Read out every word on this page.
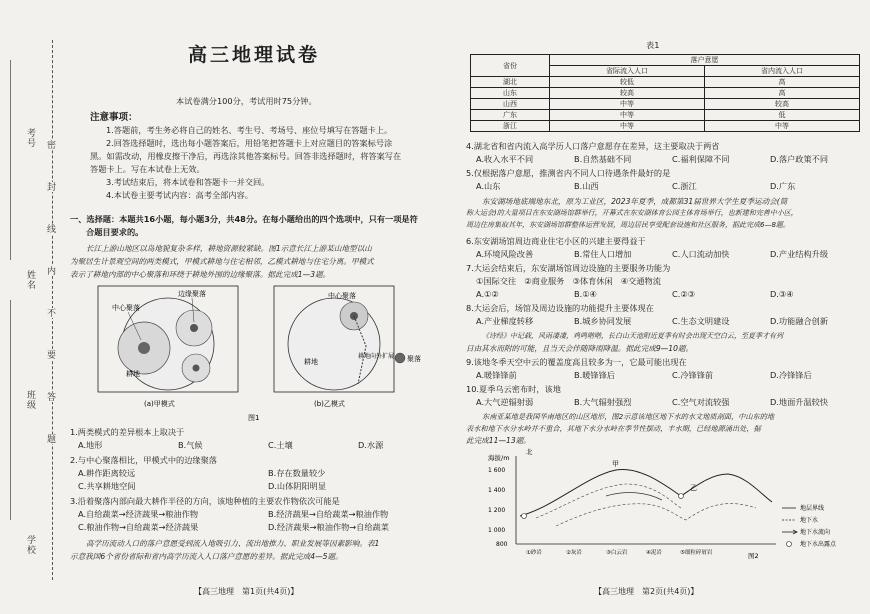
考号
姓名
班级
学校
密
封
线
内
不
要
答
题
高三地理试卷
本试卷满分100分，考试用时75分钟。
注意事项：
1.答题前，考生务必将自己的姓名、考生号、考场号、座位号填写在答题卡上。
2.回答选择题时，选出每小题答案后，用铅笔把答题卡上对应题目的答案标号涂
黑。如需改动，用橡皮擦干净后，再选涂其他答案标号。回答非选择题时，将答案写在
答题卡上。写在本试卷上无效。
3.考试结束后，将本试卷和答题卡一并交回。
4.本试卷主要考试内容：高考全部内容。
一、选择题：本题共16小题，每小题3分，共48分。在每小题给出的四个选项中，只有一项是符
合题目要求的。
长江上游山地区以岛地貌复杂多样，耕地资源较紧缺。图1示意长江上游某山地型以山
为聚居生计景观空间的两类模式，甲模式耕地与住宅相邻，乙模式耕地与住宅分离。甲模式
表示了耕地内部的中心聚落和环绕于耕地外围的边缘聚落。据此完成1—3题。
中心聚落
边缘聚落
耕地
中心聚落
耕地向外扩展
耕地	聚落
(a)甲模式	(b)乙模式
图1
1.两类模式的差异根本上取决于
A.地形	B.气候	C.土壤	D.水源
2.与中心聚落相比，甲模式中的边缘聚落
A.耕作距离较远	B.存在数量较少
C.共享耕地空间	D.山体阴阳明显
3.沿着聚落内部向最大耕作半径的方向，该地种植的主要农作物依次可能是
A.自给蔬菜→经济蔬果→粮油作物	B.经济蔬果→自给蔬菜→粮油作物
C.粮油作物→自给蔬菜→经济蔬果	D.经济蔬果→粮油作物→自给蔬菜
高学历流动人口的落户意愿受到流入地吸引力、流出地推力、职业发展等因素影响。表1
示意我国6个省份省际和省内高学历流入人口落户意愿的差异。据此完成4—5题。
【高三地理　第1页(共4页)】
表1
省份	落户意愿	
	省际流入人口	省内流入人口
湖北	较低	高
山东	较高	高
山西	中等	较高
广东	中等	低
浙江	中等	中等
4.湖北省和省内流入高学历人口落户意愿存在差异，这主要取决于两省
A.收入水平不同	B.自然基础不同	C.福利保障不同	D.落户政策不同
5.仅根据落户意愿，推测省内不同人口待遇条件最好的是
A.山东	B.山西	C.浙江	D.广东
东安湖场地底端地东北，原为工业区，2023年夏季，成都第31届世界大学生夏季运动会(简
称大运会)的大量项目在东安湖场馆群举行，开幕式在东安湖体育公园主体育场举行，也新建和完善中小区，
周边住房集取其年，东安湖场馆群整体运营发展，周边居民享受配套设施和社区服务，据此完成6—8题。
6.东安湖场馆周边商业住宅小区的兴建主要得益于
A.环境风险改善	B.常住人口增加	C.人口流动加快	D.产业结构升级
7.大运会结束后，东安湖场馆周边设施的主要服务功能为
①国际交往　②商业服务　③体育休闲　④交通物流
A.①②	B.①④	C.②③	D.③④
8.大运会后，场馆及周边设施的功能提升主要体现在
A.产业梯度转移	B.城乡协同发展	C.生态文明建设	D.功能融合创新
《诗经》中记载，风雨凄凄，鸡鸣喈喈，长白山天池附近夏季有时会出现天空白云，至夏季才有列
日由其水而附的可能，且当天会伴随降雨降温。据此完成9—10题。
9.该地冬季天空中云的覆盖度高且较多为一，它最可能出现在
A.暖锋锋前	B.暖锋锋后	C.冷锋锋前	D.冷锋锋后
10.夏季乌云密布时，该地
A.大气逆辐射弱	B.大气辐射强烈	C.空气对流较强	D.地面升温较快
东南亚某地是我国华南地区的山区地形，图2示意该地区地下水的水文地质剖面，中山东的地
表水和地下水分水岭并不重合，其地下水分水岭在季节性摆动，丰水期，已经地源涌出处，据
此完成11—13题。
海拔/m
北
1 600
1 400
1 200
1 000
800
甲
乙
地层界线
地下水
地下水流向
地下水出露点
①砂岩	②灰岩	③白云岩	④泥岩	⑤细粒碎屑岩	图2
【高三地理　第2页(共4页)】
